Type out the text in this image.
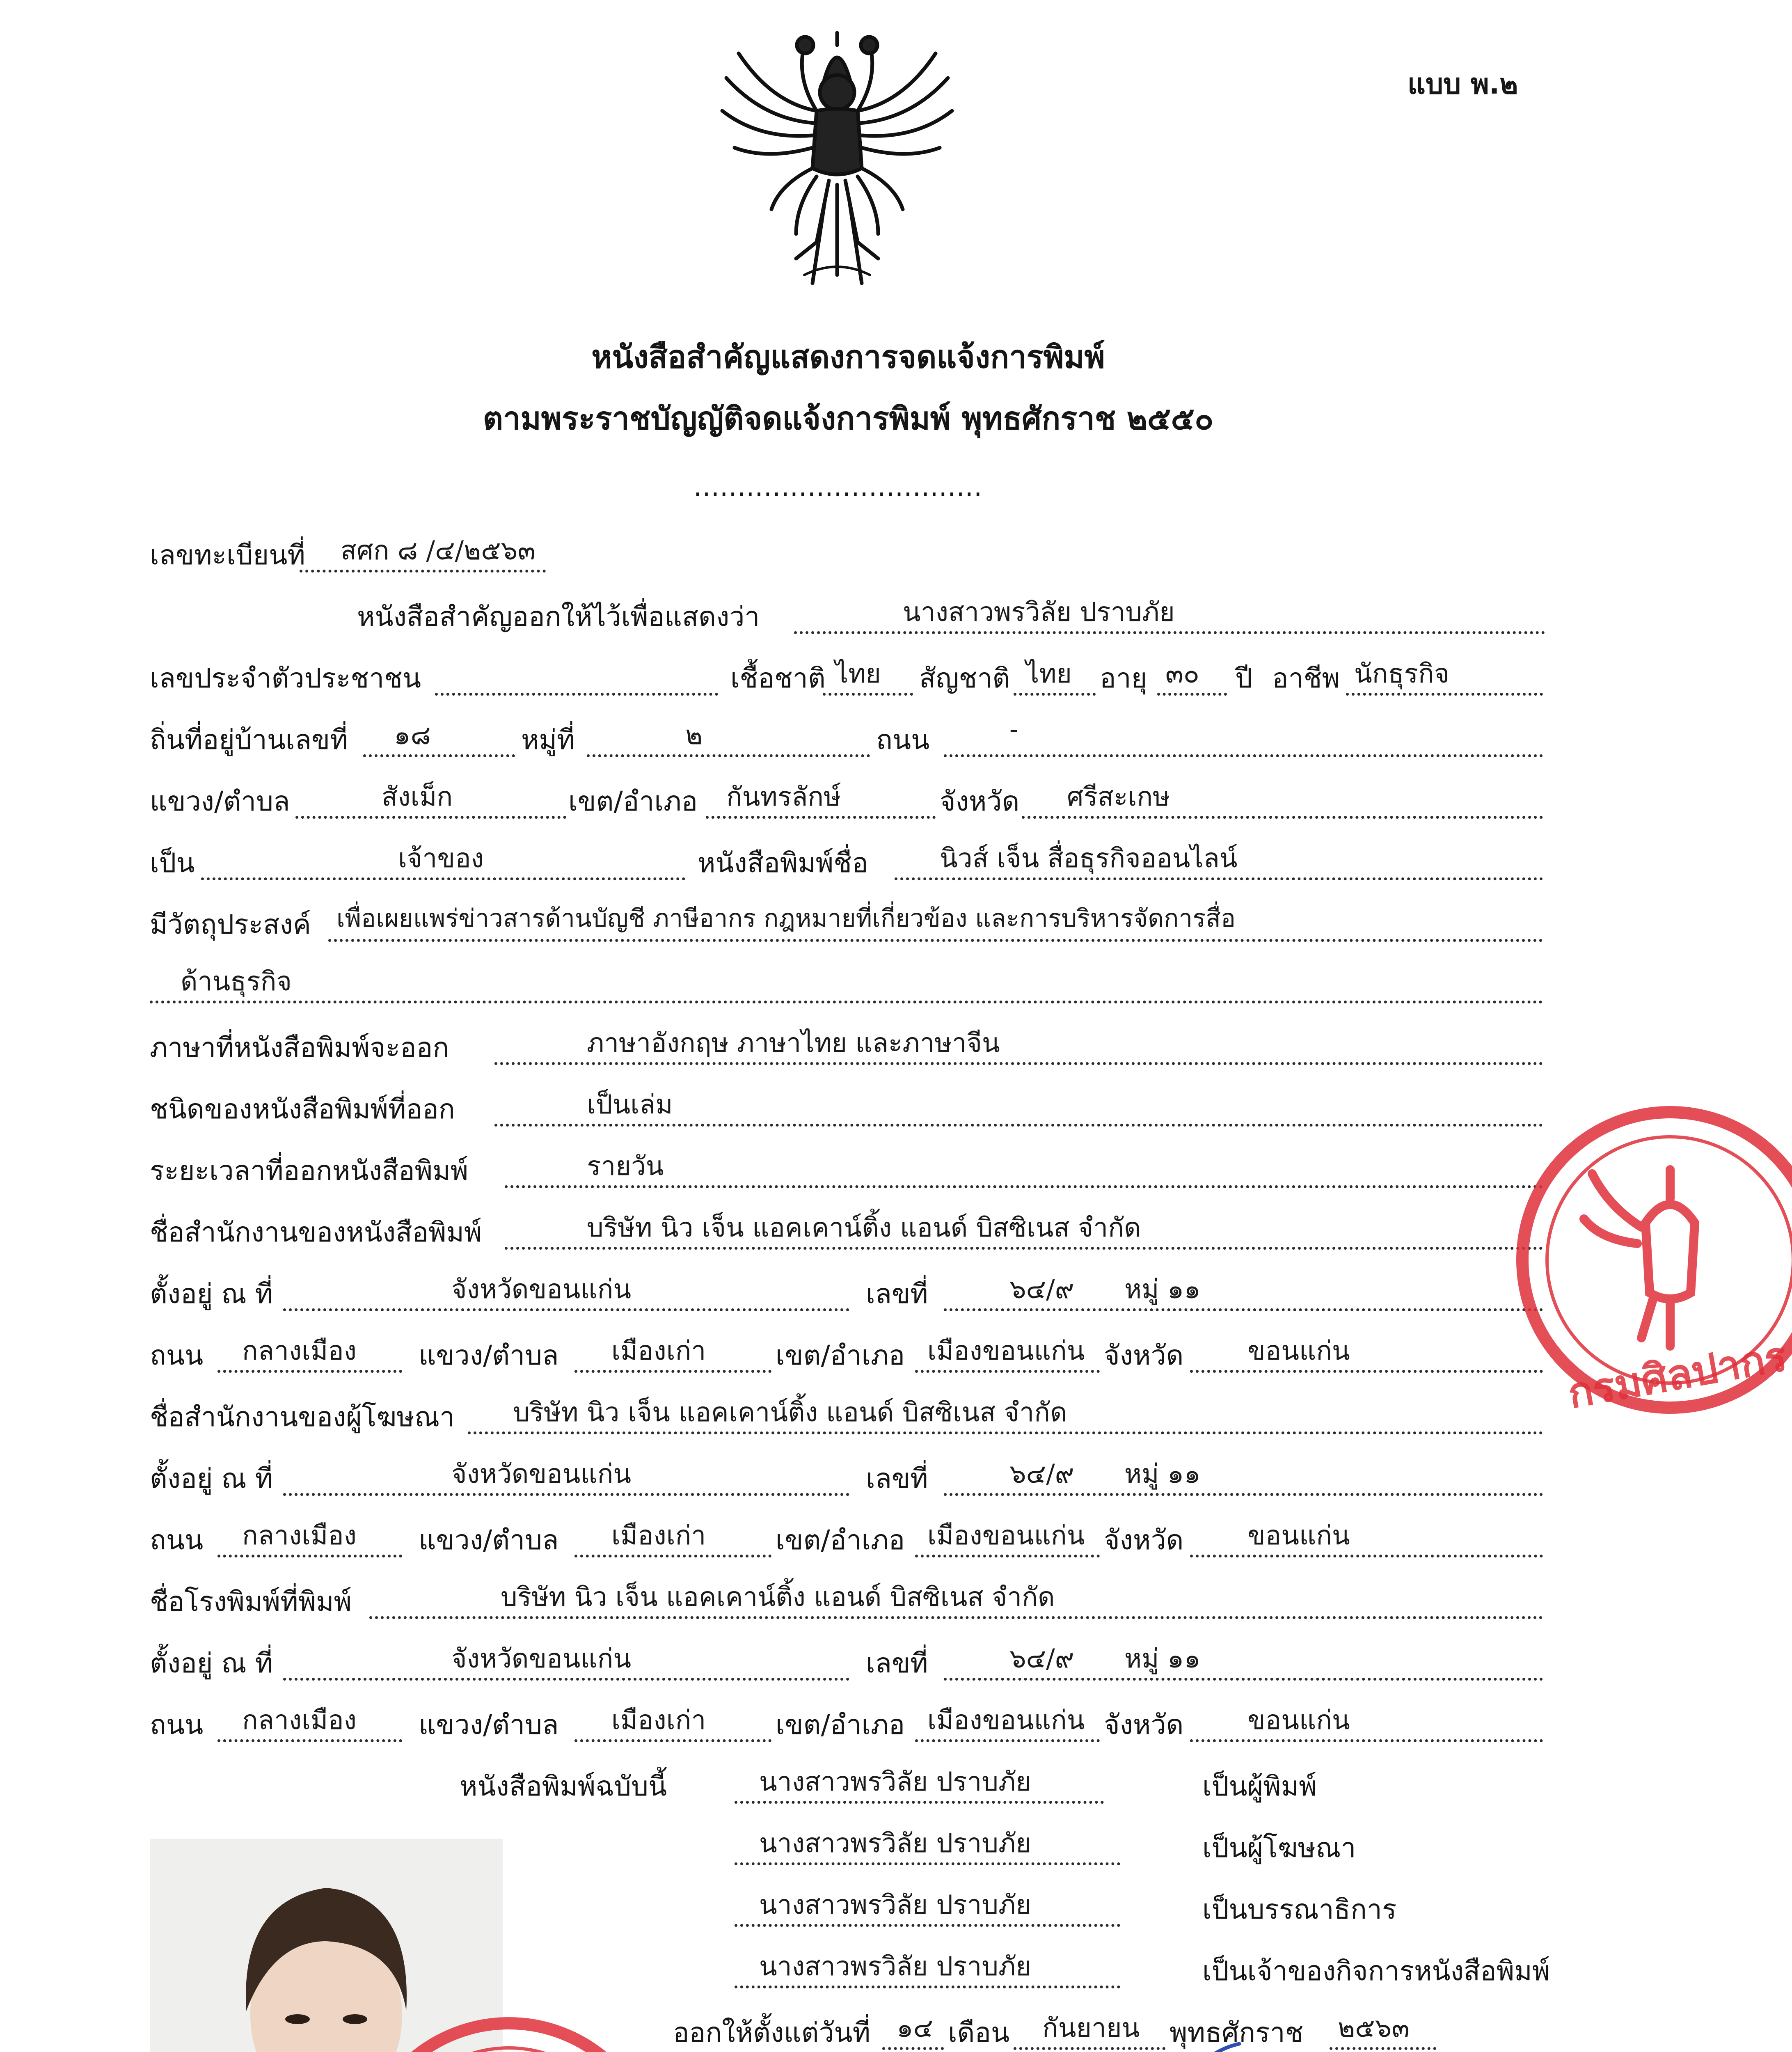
แบบ พ.๒
หนังสือสำคัญแสดงการจดแจ้งการพิมพ์
ตามพระราชบัญญัติจดแจ้งการพิมพ์ พุทธศักราช ๒๕๕๐
.................................
เลขทะเบียนที่ สศก ๘ /๔/๒๕๖๓
หนังสือสำคัญออกให้ไว้เพื่อแสดงว่า	นางสาวพรวิลัย ปราบภัย
เลขประจำตัวประชาชน	เชื้อชาติ ไทย สัญชาติ ไทย อายุ ๓๐ ปี อาชีพ นักธุรกิจ
ถิ่นที่อยู่บ้านเลขที่ ๑๘	หมู่ที่	๒	ถนน	-
แขวง/ตำบล	สังเม็ก	เขต/อำเภอ กันทรลักษ์	จังหวัด ศรีสะเกษ
เป็น	เจ้าของ	หนังสือพิมพ์ชื่อ	นิวส์ เจ็น สื่อธุรกิจออนไลน์
มีวัตถุประสงค์ เพื่อเผยแพร่ข่าวสารด้านบัญชี ภาษีอากร กฎหมายที่เกี่ยวข้อง และการบริหารจัดการสื่อ
ด้านธุรกิจ
ภาษาที่หนังสือพิมพ์จะออก	ภาษาอังกฤษ ภาษาไทย และภาษาจีน
ชนิดของหนังสือพิมพ์ที่ออก	เป็นเล่ม
ระยะเวลาที่ออกหนังสือพิมพ์	รายวัน
ชื่อสำนักงานของหนังสือพิมพ์	บริษัท นิว เจ็น แอคเคาน์ติ้ง แอนด์ บิสซิเนส จำกัด
ตั้งอยู่ ณ ที่	จังหวัดขอนแก่น	เลขที่	๖๔/๙ หมู่ ๑๑
ถนน กลางเมือง แขวง/ตำบล เมืองเก่า	เขต/อำเภอ เมืองขอนแก่น จังหวัด ขอนแก่น
ชื่อสำนักงานของผู้โฆษณา บริษัท นิว เจ็น แอคเคาน์ติ้ง แอนด์ บิสซิเนส จำกัด
ตั้งอยู่ ณ ที่	จังหวัดขอนแก่น	เลขที่	๖๔/๙ หมู่ ๑๑
ถนน กลางเมือง แขวง/ตำบล เมืองเก่า	เขต/อำเภอ เมืองขอนแก่น จังหวัด ขอนแก่น
ชื่อโรงพิมพ์ที่พิมพ์	บริษัท นิว เจ็น แอคเคาน์ติ้ง แอนด์ บิสซิเนส จำกัด
ตั้งอยู่ ณ ที่	จังหวัดขอนแก่น	เลขที่	๖๔/๙ หมู่ ๑๑
ถนน กลางเมือง แขวง/ตำบล เมืองเก่า	เขต/อำเภอ เมืองขอนแก่น จังหวัด ขอนแก่น
หนังสือพิมพ์ฉบับนี้	นางสาวพรวิลัย ปราบภัย	เป็นผู้พิมพ์
นางสาวพรวิลัย ปราบภัย	เป็นผู้โฆษณา
นางสาวพรวิลัย ปราบภัย	เป็นบรรณาธิการ
นางสาวพรวิลัย ปราบภัย	เป็นเจ้าของกิจการหนังสือพิมพ์
ออกให้ตั้งแต่วันที่ ๑๔ เดือน กันยายน พุทธศักราช ๒๕๖๓
กรมศิลปากร
